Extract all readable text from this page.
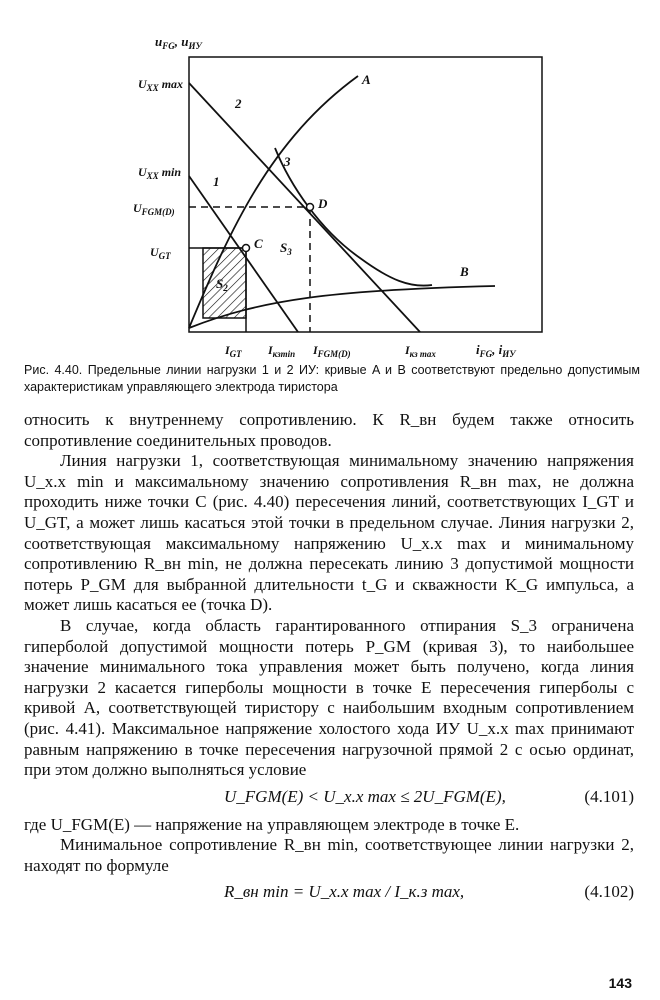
$u_{FG}$, $u_{ИУ}$
$i_{FG}$, $i_{ИУ}$
$U_{XX}$ max
$U_{XX}$ min
$U_{FGM(D)}$
$U_{GT}$
$I_{GT}$ $I_{кзmin}$ $I_{FGM(D)}$	$I_{кз max}$
A
B
2
1
3
C
D
$S_2$
$S_3$
Рис. 4.40. Предельные линии нагрузки 1 и 2 ИУ: кривые A и B соответствуют предельно допустимым характеристикам управляющего электрода тиристора

относить к внутреннему сопротивлению. К R_вн будем также относить сопротивление соединительных проводов.

Линия нагрузки 1, соответствующая минимальному значению напряжения U_x.x min и максимальному значению сопротивления R_вн max, не должна проходить ниже точки C (рис. 4.40) пересечения линий, соответствующих I_GT и U_GT, а может лишь касаться этой точки в предельном случае. Линия нагрузки 2, соответствующая максимальному напряжению U_x.x max и минимальному сопротивлению R_вн min, не должна пересекать линию 3 допустимой мощности потерь P_GM для выбранной длительности t_G и скважности K_G импульса, а может лишь касаться ее (точка D).

В случае, когда область гарантированного отпирания S_3 ограничена гиперболой допустимой мощности потерь P_GM (кривая 3), то наибольшее значение минимального тока управления может быть получено, когда линия нагрузки 2 касается гиперболы мощности в точке E пересечения гиперболы с кривой A, соответствующей тиристору с наибольшим входным сопротивлением (рис. 4.41). Максимальное напряжение холостого хода ИУ U_x.x max принимают равным напряжению в точке пересечения нагрузочной прямой 2 с осью ординат, при этом должно выполняться условие

U_FGM(E) < U_x.x max ≤ 2U_FGM(E),	(4.101)

где U_FGM(E) — напряжение на управляющем электроде в точке E.

Минимальное сопротивление R_вн min, соответствующее линии нагрузки 2, находят по формуле

R_вн min = U_x.x max / I_к.з max,	(4.102)
143
